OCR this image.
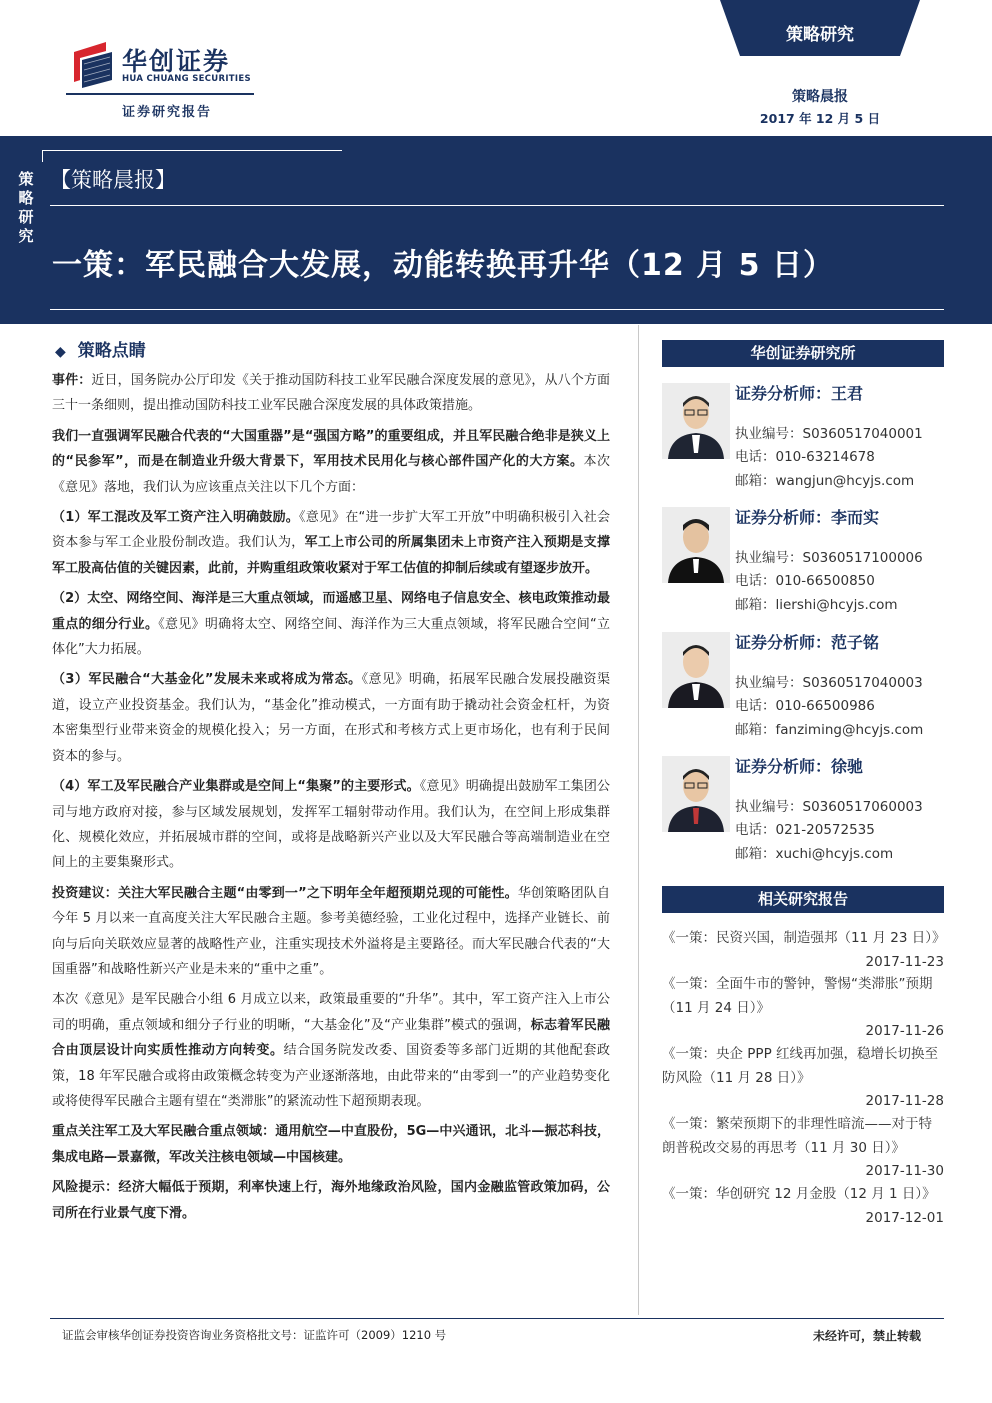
华创证券
HUA CHUANG SECURITIES
证券研究报告
策略研究
策略晨报
2017 年 12 月 5 日
策略研究
【策略晨报】
一策：军民融合大发展，动能转换再升华（12 月 5 日）
◆ 策略点睛

事件：近日，国务院办公厅印发《关于推动国防科技工业军民融合深度发展的意见》，从八个方面三十一条细则，提出推动国防科技工业军民融合深度发展的具体政策措施。

我们一直强调军民融合代表的“大国重器”是“强国方略”的重要组成，并且军民融合绝非是狭义上的“民参军”，而是在制造业升级大背景下，军用技术民用化与核心部件国产化的大方案。本次《意见》落地，我们认为应该重点关注以下几个方面：

（1）军工混改及军工资产注入明确鼓励。《意见》在“进一步扩大军工开放”中明确积极引入社会资本参与军工企业股份制改造。我们认为，军工上市公司的所属集团未上市资产注入预期是支撑军工股高估值的关键因素，此前，并购重组政策收紧对于军工估值的抑制后续或有望逐步放开。

（2）太空、网络空间、海洋是三大重点领域，而遥感卫星、网络电子信息安全、核电政策推动最重点的细分行业。《意见》明确将太空、网络空间、海洋作为三大重点领域，将军民融合空间“立体化”大力拓展。

（3）军民融合“大基金化”发展未来或将成为常态。《意见》明确，拓展军民融合发展投融资渠道，设立产业投资基金。我们认为，“基金化”推动模式，一方面有助于撬动社会资金杠杆，为资本密集型行业带来资金的规模化投入；另一方面，在形式和考核方式上更市场化，也有利于民间资本的参与。

（4）军工及军民融合产业集群或是空间上“集聚”的主要形式。《意见》明确提出鼓励军工集团公司与地方政府对接，参与区域发展规划，发挥军工辐射带动作用。我们认为，在空间上形成集群化、规模化效应，并拓展城市群的空间，或将是战略新兴产业以及大军民融合等高端制造业在空间上的主要集聚形式。

投资建议：关注大军民融合主题“由零到一”之下明年全年超预期兑现的可能性。华创策略团队自今年 5 月以来一直高度关注大军民融合主题。参考美德经验，工业化过程中，选择产业链长、前向与后向关联效应显著的战略性产业，注重实现技术外溢将是主要路径。而大军民融合代表的“大国重器”和战略性新兴产业是未来的“重中之重”。

本次《意见》是军民融合小组 6 月成立以来，政策最重要的“升华”。其中，军工资产注入上市公司的明确，重点领域和细分子行业的明晰，“大基金化”及“产业集群”模式的强调，标志着军民融合由顶层设计向实质性推动方向转变。结合国务院发改委、国资委等多部门近期的其他配套政策，18 年军民融合或将由政策概念转变为产业逐渐落地，由此带来的“由零到一”的产业趋势变化或将使得军民融合主题有望在“类滞胀”的紧流动性下超预期表现。

重点关注军工及大军民融合重点领域：通用航空—中直股份，5G—中兴通讯，北斗—振芯科技，集成电路—景嘉微，军改关注核电领域—中国核建。

风险提示：经济大幅低于预期，利率快速上行，海外地缘政治风险，国内金融监管政策加码，公司所在行业景气度下滑。

华创证券研究所
证券分析师：王君
执业编号：S0360517040001
电话：010-63214678
邮箱：wangjun@hcyjs.com
证券分析师：李而实
执业编号：S0360517100006
电话：010-66500850
邮箱：liershi@hcyjs.com
证券分析师：范子铭
执业编号：S0360517040003
电话：010-66500986
邮箱：fanziming@hcyjs.com
证券分析师：徐驰
执业编号：S0360517060003
电话：021-20572535
邮箱：xuchi@hcyjs.com
相关研究报告
《一策：民资兴国，制造强邦（11 月 23 日）》
2017-11-23
《一策：全面牛市的警钟，警惕“类滞胀”预期（11 月 24 日）》
2017-11-26
《一策：央企 PPP 红线再加强，稳增长切换至防风险（11 月 28 日）》
2017-11-28
《一策：繁荣预期下的非理性暗流——对于特朗普税改交易的再思考（11 月 30 日）》
2017-11-30
《一策：华创研究 12 月金股（12 月 1 日）》
2017-12-01
证监会审核华创证券投资咨询业务资格批文号：证监许可（2009）1210 号	未经许可，禁止转载
